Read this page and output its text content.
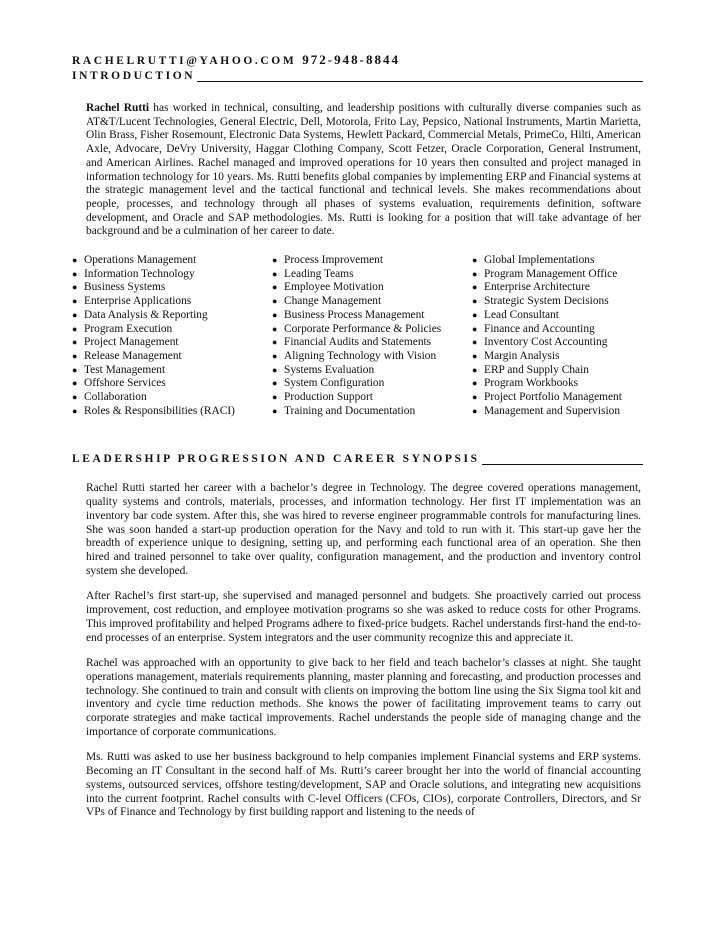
RACHELRUTTI@YAHOO.COM 972-948-8844
INTRODUCTION
Rachel Rutti has worked in technical, consulting, and leadership positions with culturally diverse companies such as AT&T/Lucent Technologies, General Electric, Dell, Motorola, Frito Lay, Pepsico, National Instruments, Martin Marietta, Olin Brass, Fisher Rosemount, Electronic Data Systems, Hewlett Packard, Commercial Metals, PrimeCo, Hilti, American Axle, Advocare, DeVry University, Haggar Clothing Company, Scott Fetzer, Oracle Corporation, General Instrument, and American Airlines. Rachel managed and improved operations for 10 years then consulted and project managed in information technology for 10 years. Ms. Rutti benefits global companies by implementing ERP and Financial systems at the strategic management level and the tactical functional and technical levels. She makes recommendations about people, processes, and technology through all phases of systems evaluation, requirements definition, software development, and Oracle and SAP methodologies. Ms. Rutti is looking for a position that will take advantage of her background and be a culmination of her career to date.
● Operations Management
● Information Technology
● Business Systems
● Enterprise Applications
● Data Analysis & Reporting
● Program Execution
● Project Management
● Release Management
● Test Management
● Offshore Services
● Collaboration
● Roles & Responsibilities (RACI)
● Process Improvement
● Leading Teams
● Employee Motivation
● Change Management
● Business Process Management
● Corporate Performance & Policies
● Financial Audits and Statements
● Aligning Technology with Vision
● Systems Evaluation
● System Configuration
● Production Support
● Training and Documentation
● Global Implementations
● Program Management Office
● Enterprise Architecture
● Strategic System Decisions
● Lead Consultant
● Finance and Accounting
● Inventory Cost Accounting
● Margin Analysis
● ERP and Supply Chain
● Program Workbooks
● Project Portfolio Management
● Management and Supervision
LEADERSHIP PROGRESSION AND CAREER SYNOPSIS
Rachel Rutti started her career with a bachelor’s degree in Technology. The degree covered operations management, quality systems and controls, materials, processes, and information technology. Her first IT implementation was an inventory bar code system. After this, she was hired to reverse engineer programmable controls for manufacturing lines. She was soon handed a start-up production operation for the Navy and told to run with it. This start-up gave her the breadth of experience unique to designing, setting up, and performing each functional area of an operation. She then hired and trained personnel to take over quality, configuration management, and the production and inventory control system she developed.
After Rachel’s first start-up, she supervised and managed personnel and budgets. She proactively carried out process improvement, cost reduction, and employee motivation programs so she was asked to reduce costs for other Programs. This improved profitability and helped Programs adhere to fixed-price budgets. Rachel understands first-hand the end-to-end processes of an enterprise. System integrators and the user community recognize this and appreciate it.
Rachel was approached with an opportunity to give back to her field and teach bachelor’s classes at night. She taught operations management, materials requirements planning, master planning and forecasting, and production processes and technology. She continued to train and consult with clients on improving the bottom line using the Six Sigma tool kit and inventory and cycle time reduction methods. She knows the power of facilitating improvement teams to carry out corporate strategies and make tactical improvements. Rachel understands the people side of managing change and the importance of corporate communications.
Ms. Rutti was asked to use her business background to help companies implement Financial systems and ERP systems. Becoming an IT Consultant in the second half of Ms. Rutti’s career brought her into the world of financial accounting systems, outsourced services, offshore testing/development, SAP and Oracle solutions, and integrating new acquisitions into the current footprint. Rachel consults with C-level Officers (CFOs, CIOs), corporate Controllers, Directors, and Sr VPs of Finance and Technology by first building rapport and listening to the needs of
